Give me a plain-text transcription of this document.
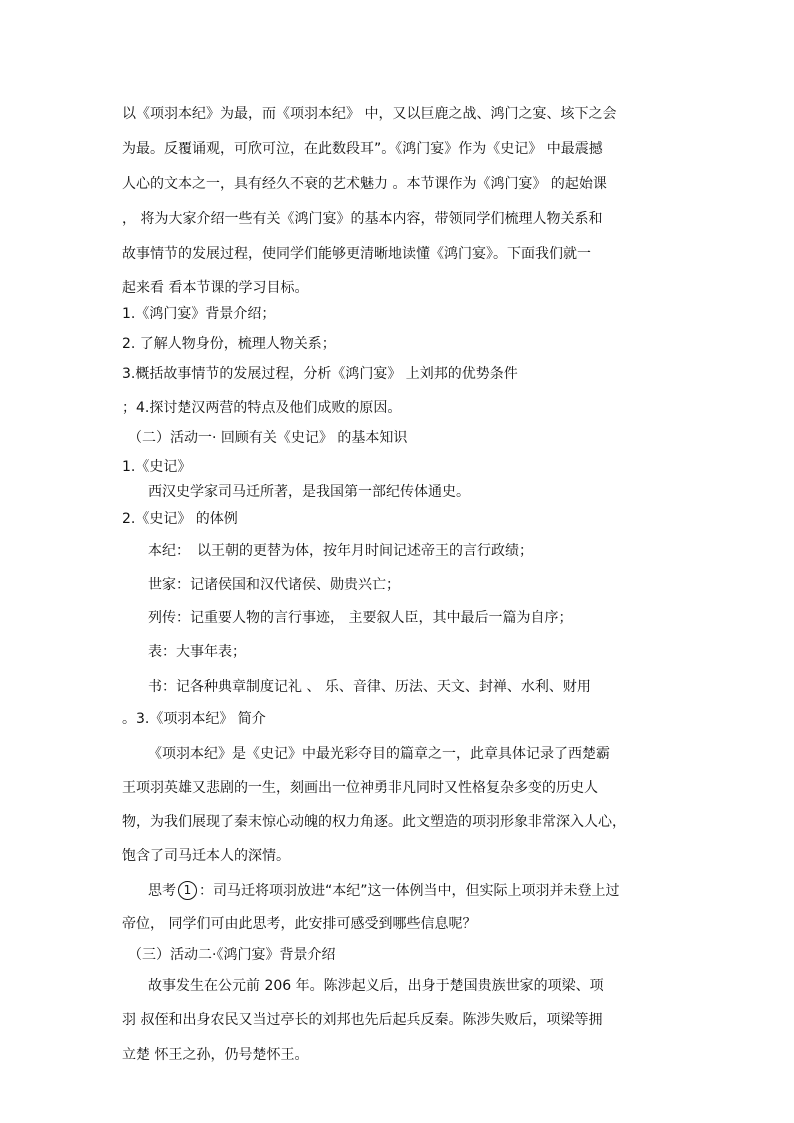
以《项羽本纪》为最，而《项羽本纪》 中，又以巨鹿之战、鸿门之宴、垓下之会
为最。反覆诵观，可欣可泣，在此数段耳”。《鸿门宴》作为《史记》 中最震撼
人心的文本之一，具有经久不衰的艺术魅力 。本节课作为《鸿门宴》 的起始课
， 将为大家介绍一些有关《鸿门宴》的基本内容，带领同学们梳理人物关系和
故事情节的发展过程，使同学们能够更清晰地读懂《鸿门宴》。下面我们就一
起来看 看本节课的学习目标。
1.《鸿门宴》背景介绍；
2. 了解人物身份，梳理人物关系；
3.概括故事情节的发展过程，分析《鸿门宴》 上刘邦的优势条件
；4.探讨楚汉两营的特点及他们成败的原因。
（二）活动一· 回顾有关《史记》 的基本知识
1.《史记》
西汉史学家司马迁所著，是我国第一部纪传体通史。
2.《史记》 的体例
本纪：　以王朝的更替为体，按年月时间记述帝王的言行政绩；
世家：记诸侯国和汉代诸侯、勋贵兴亡；
列传：记重要人物的言行事迹， 主要叙人臣，其中最后一篇为自序；
表：大事年表；
书：记各种典章制度记礼 、 乐、音律、历法、天文、封禅、水利、财用
。3.《项羽本纪》 简介
《项羽本纪》是《史记》中最光彩夺目的篇章之一，此章具体记录了西楚霸
王项羽英雄又悲剧的一生，刻画出一位神勇非凡同时又性格复杂多变的历史人
物，为我们展现了秦末惊心动魄的权力角逐。此文塑造的项羽形象非常深入人心，
饱含了司马迁本人的深情。
思考 1 ：司马迁将项羽放进“本纪”这一体例当中，但实际上项羽并未登上过
帝位， 同学们可由此思考，此安排可感受到哪些信息呢？
（三）活动二·《鸿门宴》背景介绍
故事发生在公元前 206 年。陈涉起义后，出身于楚国贵族世家的项梁、项
羽 叔侄和出身农民又当过亭长的刘邦也先后起兵反秦。陈涉失败后，项梁等拥
立楚 怀王之孙，仍号楚怀王。
